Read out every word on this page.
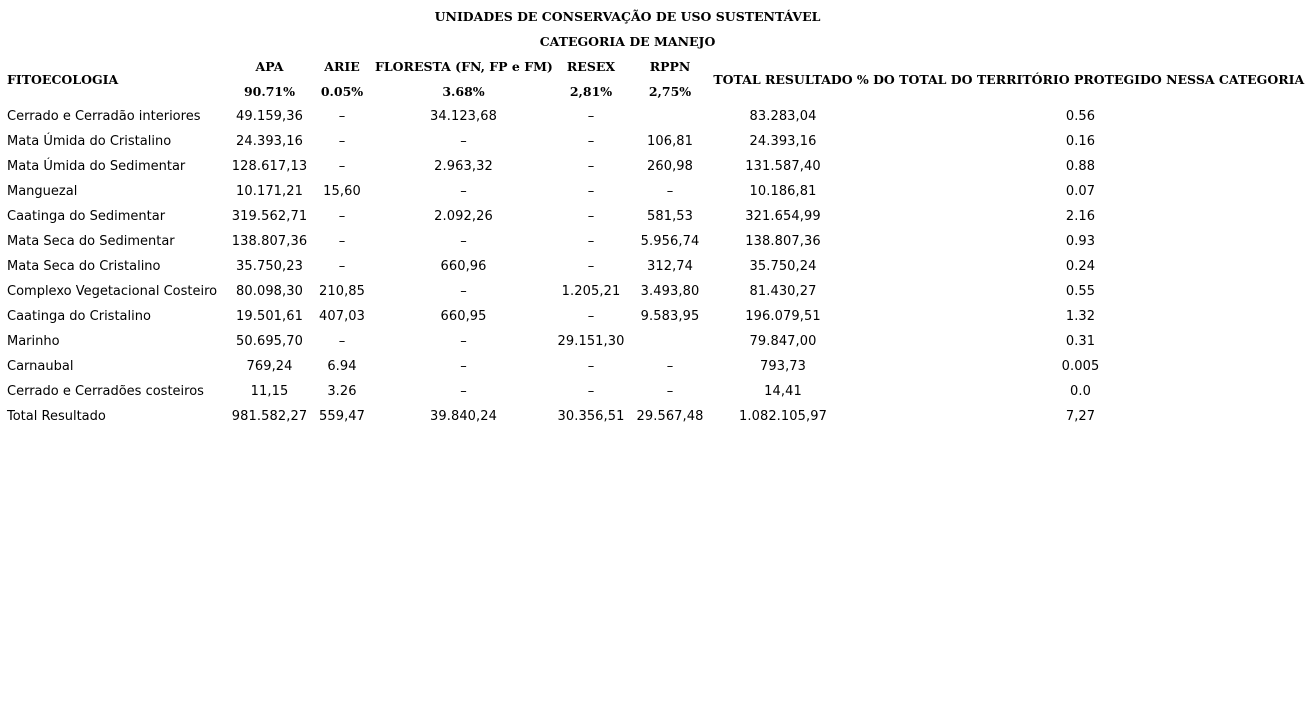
UNIDADES DE CONSERVAÇÃO DE USO SUSTENTÁVEL							
CATEGORIA DE MANEJO							
FITOECOLOGIA	APA	ARIE	FLORESTA (FN, FP e FM)	RESEX	RPPN	TOTAL RESULTADO	% DO TOTAL DO TERRITÓRIO PROTEGIDO NESSA CATEGORIA
	90.71%	0.05%	3.68%	2,81%	2,75%		
Cerrado e Cerradão interiores	49.159,36	–	34.123,68	–		83.283,04	0.56
Mata Úmida do Cristalino	24.393,16	–	–	–	106,81	24.393,16	0.16
Mata Úmida do Sedimentar	128.617,13	–	2.963,32	–	260,98	131.587,40	0.88
Manguezal	10.171,21	15,60	–	–	–	10.186,81	0.07
Caatinga do Sedimentar	319.562,71	–	2.092,26	–	581,53	321.654,99	2.16
Mata Seca do Sedimentar	138.807,36	–	–	–	5.956,74	138.807,36	0.93
Mata Seca do Cristalino	35.750,23	–	660,96	–	312,74	35.750,24	0.24
Complexo Vegetacional Costeiro	80.098,30	210,85	–	1.205,21	3.493,80	81.430,27	0.55
Caatinga do Cristalino	19.501,61	407,03	660,95	–	9.583,95	196.079,51	1.32
Marinho	50.695,70	–	–	29.151,30		79.847,00	0.31
Carnaubal	769,24	6.94	–	–	–	793,73	0.005
Cerrado e Cerradões costeiros	11,15	3.26	–	–	–	14,41	0.0
Total Resultado	981.582,27	559,47	39.840,24	30.356,51	29.567,48	1.082.105,97	7,27
